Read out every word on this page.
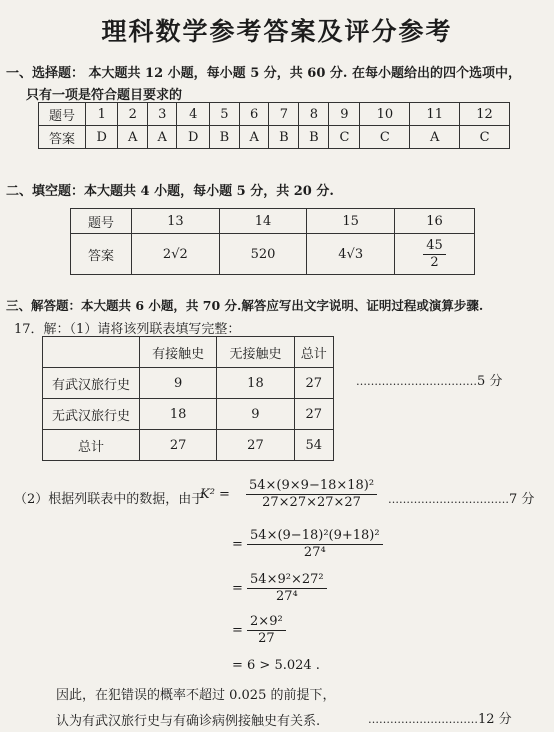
理科数学参考答案及评分参考
一、选择题： 本大题共 12 小题，每小题 5 分，共 60 分. 在每小题给出的四个选项中，
只有一项是符合题目要求的
题号	1	2	3	4	5	6	7	8	9	10	11	12
答案	D	A	A	D	B	A	B	B	C	C	A	C
二、填空题：本大题共 4 小题，每小题 5 分，共 20 分.
题号	13	14	15	16
答案	2√2	520	4√3	$\frac{45}{2}$
三、解答题：本大题共 6 小题，共 70 分.解答应写出文字说明、证明过程或演算步骤.
17．解：（1）请将该列联表填写完整：
	有接触史	无接触史	总计
有武汉旅行史	9	18	27
无武汉旅行史	18	9	27
总计	27	27	54
……………………………5 分
（2）根据列联表中的数据，由于
$K^2 = \frac{\text{54×(9×9−18×18)²}}{27\times 27\times 27\times 27}$ ……………………………7 分
= $\frac{\text{54×(9−18)²(9+18)²}}{\text{27⁴}}$
= $\frac{\text{54×9²×27²}}{\text{27⁴}}$
= $\frac{\text{2×9²}}{27}$
= 6 > 5.024 .
因此，在犯错误的概率不超过 0.025 的前提下，
认为有武汉旅行史与有确诊病例接触史有关系.	…………………………12 分
